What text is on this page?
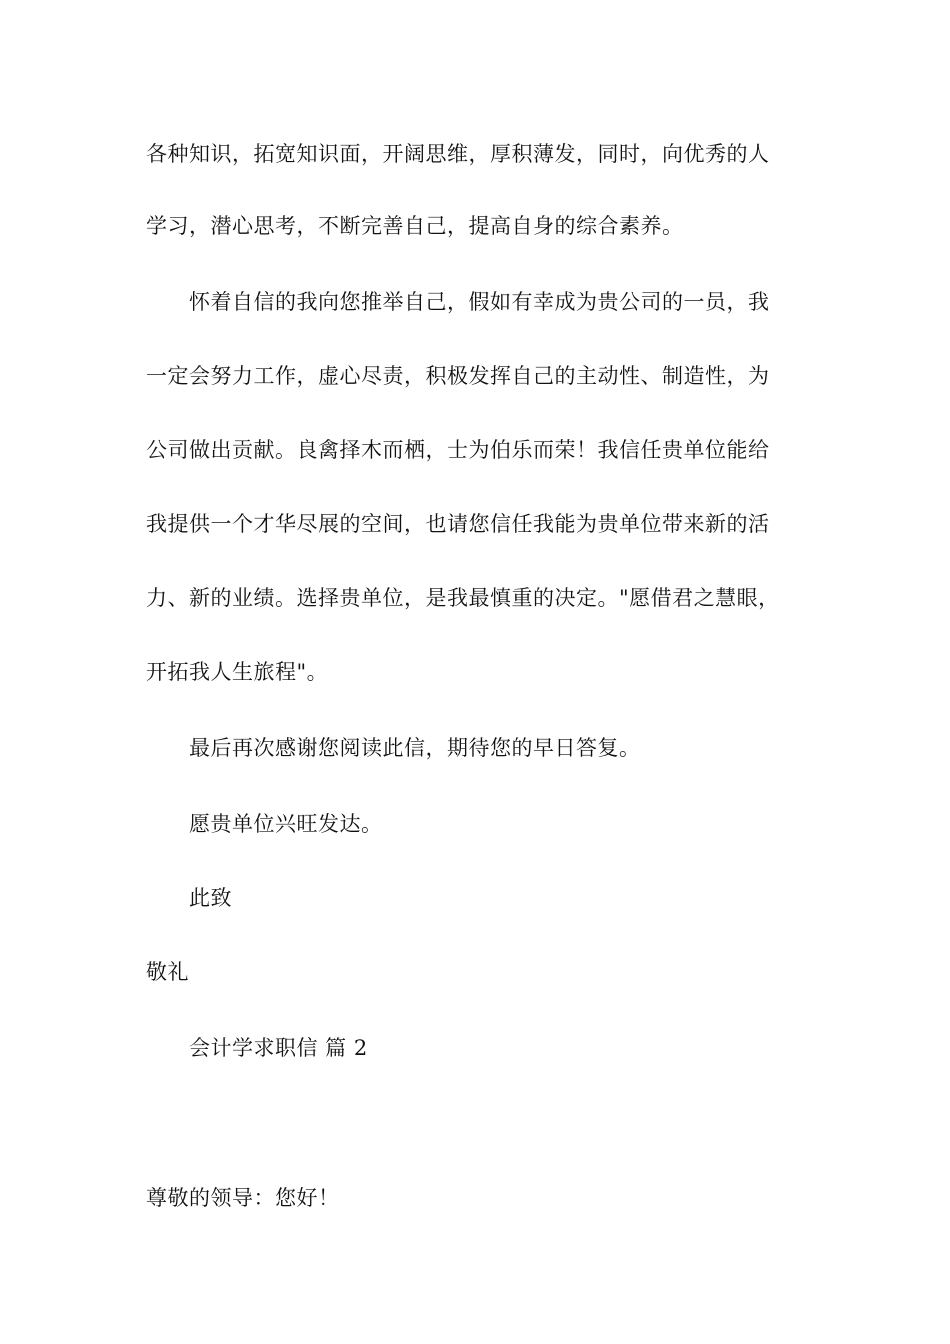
各种知识，拓宽知识面，开阔思维，厚积薄发，同时，向优秀的人
学习，潜心思考，不断完善自己，提高自身的综合素养。
怀着自信的我向您推举自己，假如有幸成为贵公司的一员，我
一定会努力工作，虚心尽责，积极发挥自己的主动性、制造性，为
公司做出贡献。良禽择木而栖，士为伯乐而荣！我信任贵单位能给
我提供一个才华尽展的空间，也请您信任我能为贵单位带来新的活
力、新的业绩。选择贵单位，是我最慎重的决定。"愿借君之慧眼，
开拓我人生旅程"。
最后再次感谢您阅读此信，期待您的早日答复。
愿贵单位兴旺发达。
此致
敬礼
会计学求职信 篇 2
尊敬的领导：您好！
